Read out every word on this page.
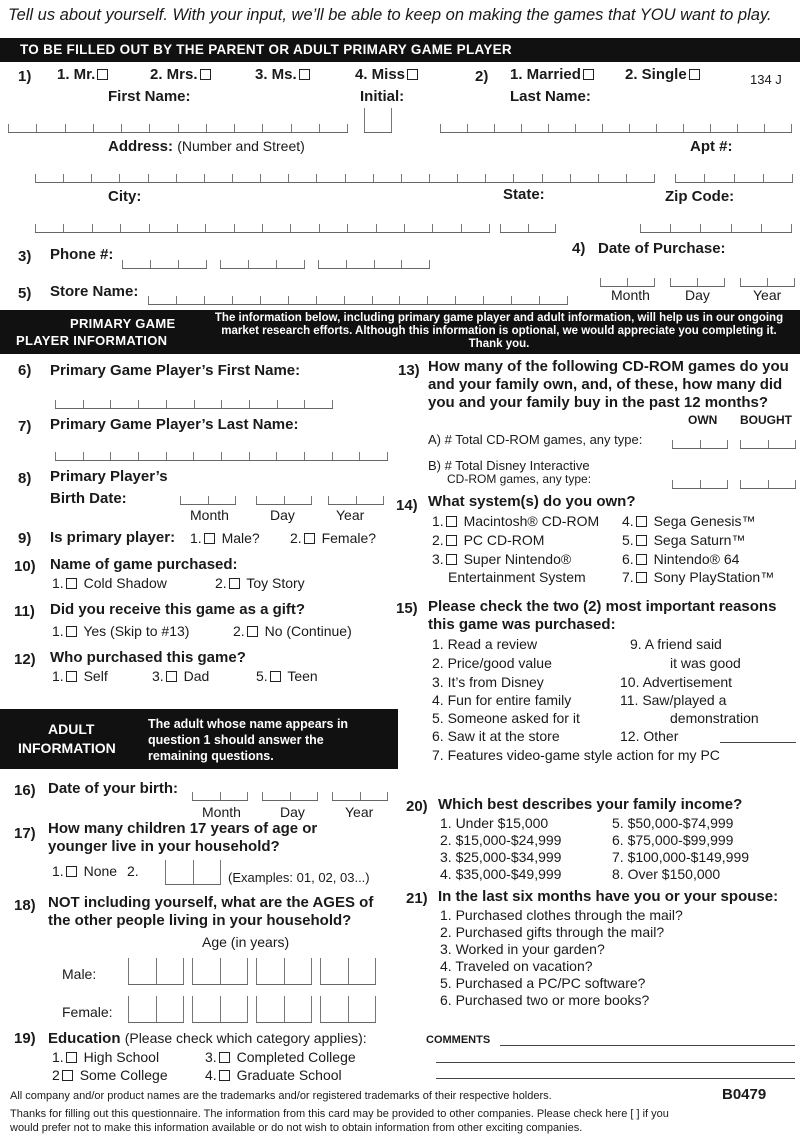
Tell us about yourself. With your input, we’ll be able to keep on making the games that YOU want to play.
TO BE FILLED OUT BY THE PARENT OR ADULT PRIMARY GAME PLAYER
1) 1. Mr.	2. Mrs.	3. Ms.	4. Miss	2) 1. Married	2. Single	134 J
First Name:	Initial:	Last Name:
Address: (Number and Street)	Apt #:
City:	State:	Zip Code:
3) Phone #:	4) Date of Purchase:
Month	Day	Year
5) Store Name:
PRIMARY GAME
PLAYER INFORMATION
The information below, including primary game player and adult information, will help us in our ongoing market research efforts. Although this information is optional, we would appreciate you completing it. Thank you.
6) Primary Game Player’s First Name:
7) Primary Game Player’s Last Name:
8) Primary Player’s
Birth Date:
Month	Day	Year
9) Is primary player: 1. Male? 2. Female?
10) Name of game purchased:
1. Cold Shadow	2. Toy Story
11) Did you receive this game as a gift?
1. Yes (Skip to #13)	2. No (Continue)
12) Who purchased this game?
1. Self	3. Dad	5. Teen
ADULT
INFORMATION
The adult whose name appears in
question 1 should answer the
remaining questions.
13) How many of the following CD-ROM games do you
and your family own, and, of these, how many did
you and your family buy in the past 12 months?
OWN BOUGHT
A) # Total CD-ROM games, any type:
B) # Total Disney Interactive
CD-ROM games, any type:
14) What system(s) do you own?
1. Macintosh® CD-ROM
2. PC CD-ROM
3. Super Nintendo®
Entertainment System
4. Sega Genesis™
5. Sega Saturn™
6. Nintendo® 64
7. Sony PlayStation™
15) Please check the two (2) most important reasons
this game was purchased:
1. Read a review
2. Price/good value
3. It’s from Disney
4. Fun for entire family
5. Someone asked for it
6. Saw it at the store
7. Features video-game style action for my PC
9. A friend said
it was good
10. Advertisement
11. Saw/played a
demonstration
12. Other
16) Date of your birth:
Month	Day	Year
17) How many children 17 years of age or
younger live in your household?
1. None 2.	(Examples: 01, 02, 03...)
18) NOT including yourself, what are the AGES of
the other people living in your household?
Age (in years)
Male:
Female:
19) Education (Please check which category applies):
1. High School	3. Completed College
2 Some College	4. Graduate School
20) Which best describes your family income?
1. Under $15,000
2. $15,000-$24,999
3. $25,000-$34,999
4. $35,000-$49,999
5. $50,000-$74,999
6. $75,000-$99,999
7. $100,000-$149,999
8. Over $150,000
21) In the last six months have you or your spouse:
1. Purchased clothes through the mail?
2. Purchased gifts through the mail?
3. Worked in your garden?
4. Traveled on vacation?
5. Purchased a PC/PC software?
6. Purchased two or more books?
COMMENTS
All company and/or product names are the trademarks and/or registered trademarks of their respective holders.	B0479
Thanks for filling out this questionnaire. The information from this card may be provided to other companies. Please check here [ ] if you
would prefer not to make this information available or do not wish to obtain information from other exciting companies.
